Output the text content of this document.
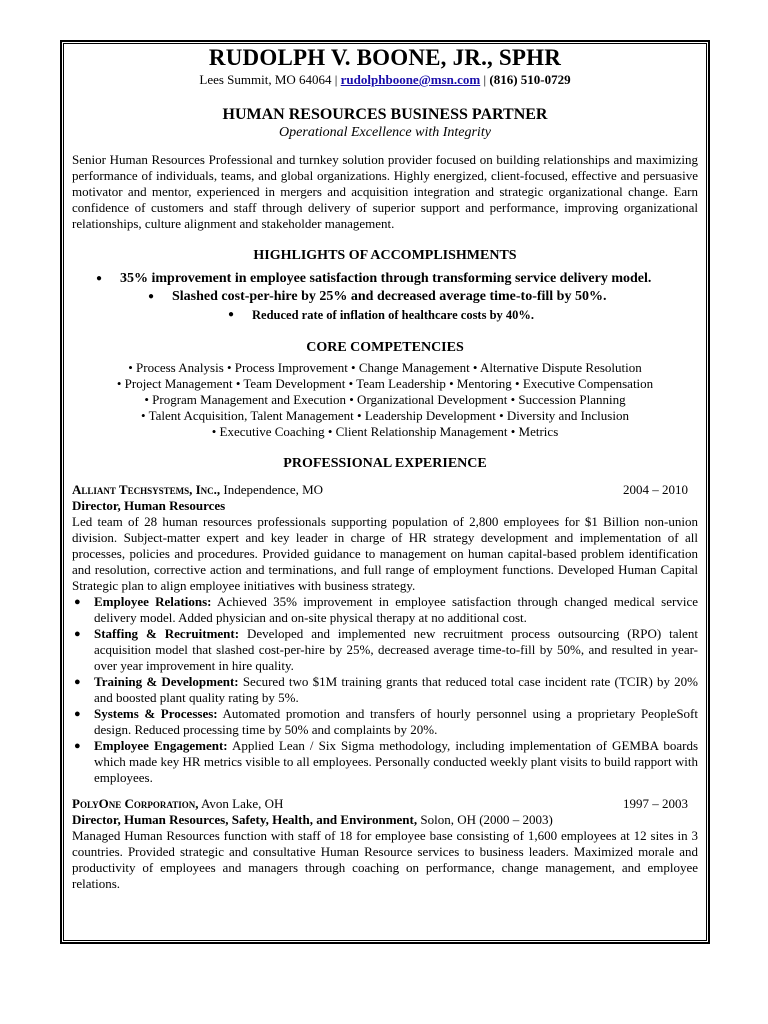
RUDOLPH V. BOONE, JR., SPHR
Lees Summit, MO 64064 | rudolphboone@msn.com | (816) 510-0729
HUMAN RESOURCES BUSINESS PARTNER
Operational Excellence with Integrity
Senior Human Resources Professional and turnkey solution provider focused on building relationships and maximizing performance of individuals, teams, and global organizations. Highly energized, client-focused, effective and persuasive motivator and mentor, experienced in mergers and acquisition integration and strategic organizational change. Earn confidence of customers and staff through delivery of superior support and performance, improving organizational relationships, culture alignment and stakeholder management.
HIGHLIGHTS OF ACCOMPLISHMENTS
● 35% improvement in employee satisfaction through transforming service delivery model.
● Slashed cost-per-hire by 25% and decreased average time-to-fill by 50%.
● Reduced rate of inflation of healthcare costs by 40%.
CORE COMPETENCIES
• Process Analysis • Process Improvement • Change Management • Alternative Dispute Resolution
• Project Management • Team Development • Team Leadership • Mentoring • Executive Compensation
• Program Management and Execution • Organizational Development • Succession Planning
• Talent Acquisition, Talent Management • Leadership Development • Diversity and Inclusion
• Executive Coaching • Client Relationship Management • Metrics
PROFESSIONAL EXPERIENCE
Alliant Techsystems, Inc., Independence, MO	2004 – 2010
Director, Human Resources
Led team of 28 human resources professionals supporting population of 2,800 employees for $1 Billion non-union division. Subject-matter expert and key leader in charge of HR strategy development and implementation of all processes, policies and procedures. Provided guidance to management on human capital-based problem identification and resolution, corrective action and terminations, and full range of employment functions. Developed Human Capital Strategic plan to align employee initiatives with business strategy.
● Employee Relations: Achieved 35% improvement in employee satisfaction through changed medical service delivery model. Added physician and on-site physical therapy at no additional cost.
● Staffing & Recruitment: Developed and implemented new recruitment process outsourcing (RPO) talent acquisition model that slashed cost-per-hire by 25%, decreased average time-to-fill by 50%, and resulted in year-over year improvement in hire quality.
● Training & Development: Secured two $1M training grants that reduced total case incident rate (TCIR) by 20% and boosted plant quality rating by 5%.
● Systems & Processes: Automated promotion and transfers of hourly personnel using a proprietary PeopleSoft design. Reduced processing time by 50% and complaints by 20%.
● Employee Engagement: Applied Lean / Six Sigma methodology, including implementation of GEMBA boards which made key HR metrics visible to all employees. Personally conducted weekly plant visits to build rapport with employees.
PolyOne Corporation, Avon Lake, OH	1997 – 2003
Director, Human Resources, Safety, Health, and Environment, Solon, OH (2000 – 2003)
Managed Human Resources function with staff of 18 for employee base consisting of 1,600 employees at 12 sites in 3 countries. Provided strategic and consultative Human Resource services to business leaders. Maximized morale and productivity of employees and managers through coaching on performance, change management, and employee relations.
